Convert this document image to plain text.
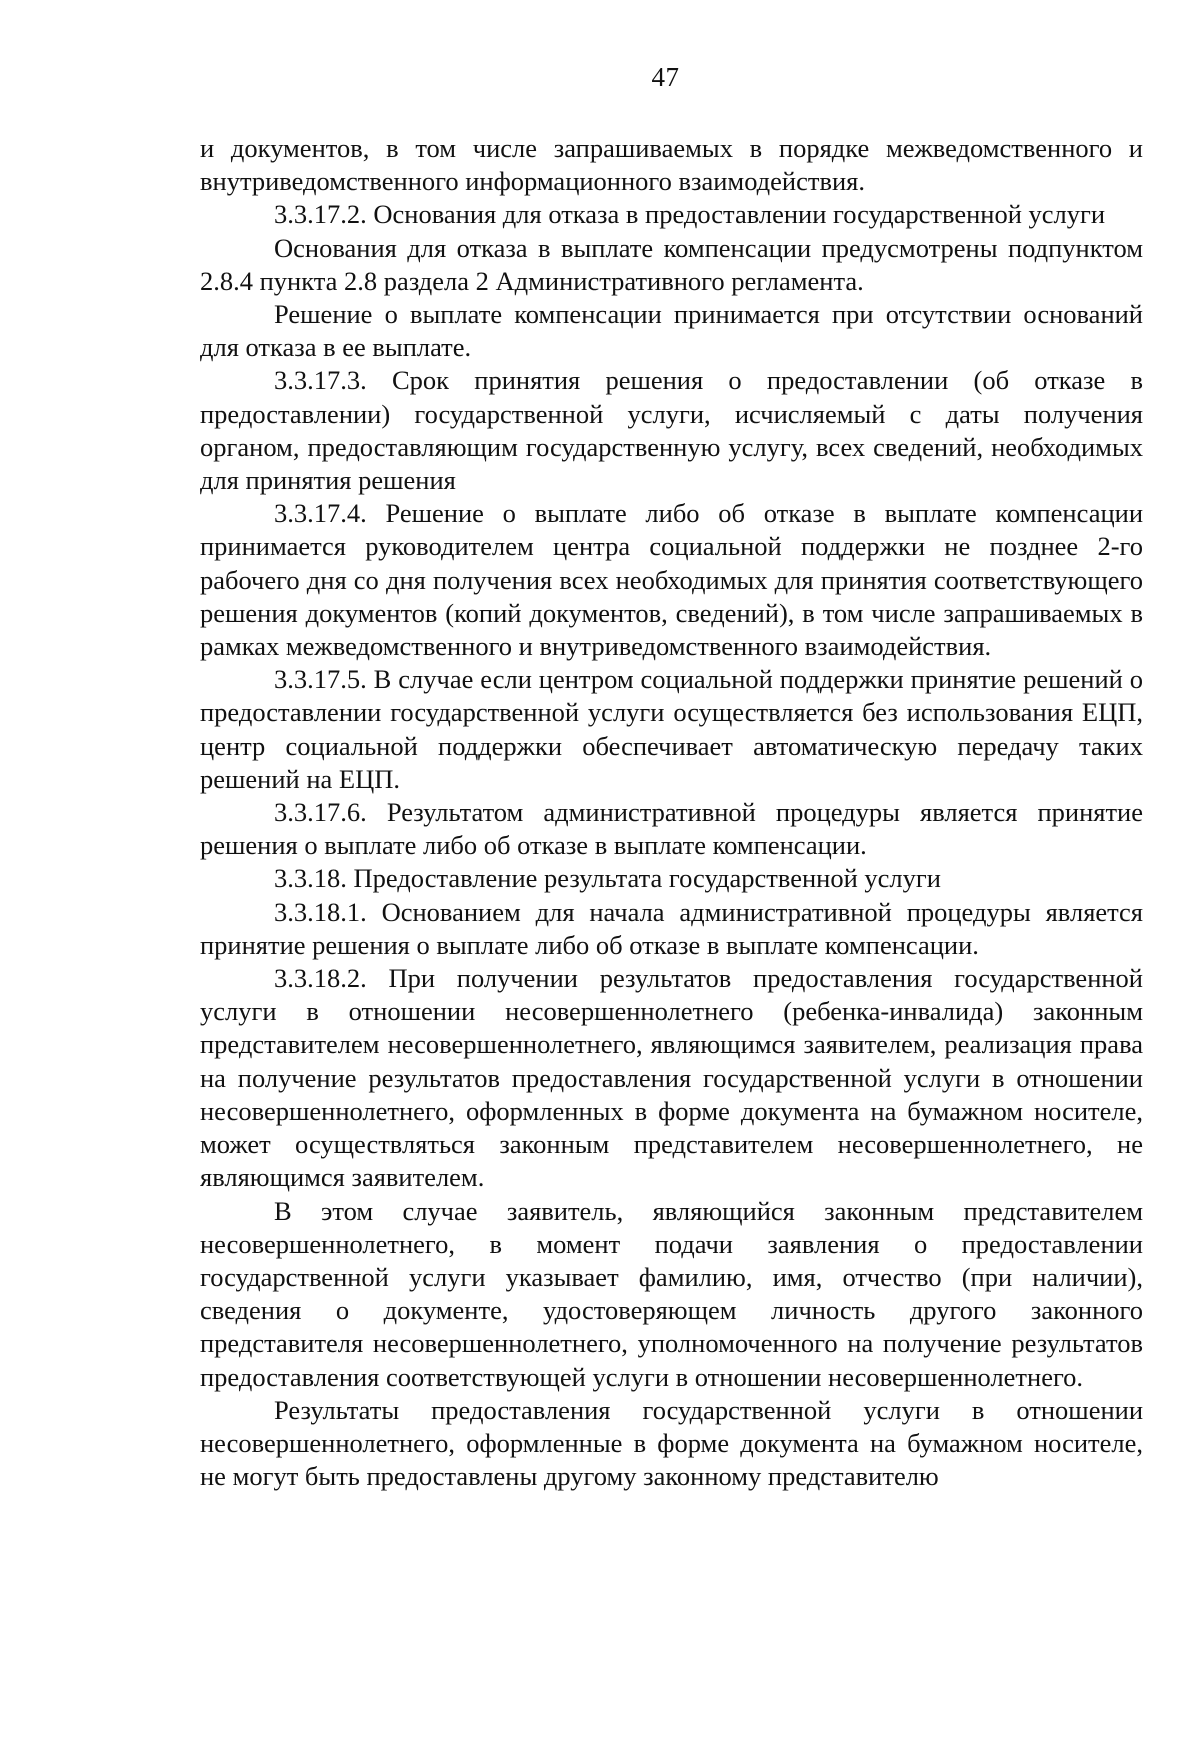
47

и документов, в том числе запрашиваемых в порядке межведомственного и внутриведомственного информационного взаимодействия.

3.3.17.2. Основания для отказа в предоставлении государственной услуги

Основания для отказа в выплате компенсации предусмотрены подпунктом 2.8.4 пункта 2.8 раздела 2 Административного регламента.

Решение о выплате компенсации принимается при отсутствии оснований для отказа в ее выплате.

3.3.17.3. Срок принятия решения о предоставлении (об отказе в предоставлении) государственной услуги, исчисляемый с даты получения органом, предоставляющим государственную услугу, всех сведений, необходимых для принятия решения

3.3.17.4. Решение о выплате либо об отказе в выплате компенсации принимается руководителем центра социальной поддержки не позднее 2-го рабочего дня со дня получения всех необходимых для принятия соответствующего решения документов (копий документов, сведений), в том числе запрашиваемых в рамках межведомственного и внутриведомственного взаимодействия.

3.3.17.5. В случае если центром социальной поддержки принятие решений о предоставлении государственной услуги осуществляется без использования ЕЦП, центр социальной поддержки обеспечивает автоматическую передачу таких решений на ЕЦП.

3.3.17.6. Результатом административной процедуры является принятие решения о выплате либо об отказе в выплате компенсации.

3.3.18. Предоставление результата государственной услуги

3.3.18.1. Основанием для начала административной процедуры является принятие решения о выплате либо об отказе в выплате компенсации.

3.3.18.2. При получении результатов предоставления государственной услуги в отношении несовершеннолетнего (ребенка-инвалида) законным представителем несовершеннолетнего, являющимся заявителем, реализация права на получение результатов предоставления государственной услуги в отношении несовершеннолетнего, оформленных в форме документа на бумажном носителе, может осуществляться законным представителем несовершеннолетнего, не являющимся заявителем.

В этом случае заявитель, являющийся законным представителем несовершеннолетнего, в момент подачи заявления о предоставлении государственной услуги указывает фамилию, имя, отчество (при наличии), сведения о документе, удостоверяющем личность другого законного представителя несовершеннолетнего, уполномоченного на получение результатов предоставления соответствующей услуги в отношении несовершеннолетнего.

Результаты предоставления государственной услуги в отношении несовершеннолетнего, оформленные в форме документа на бумажном носителе, не могут быть предоставлены другому законному представителю
